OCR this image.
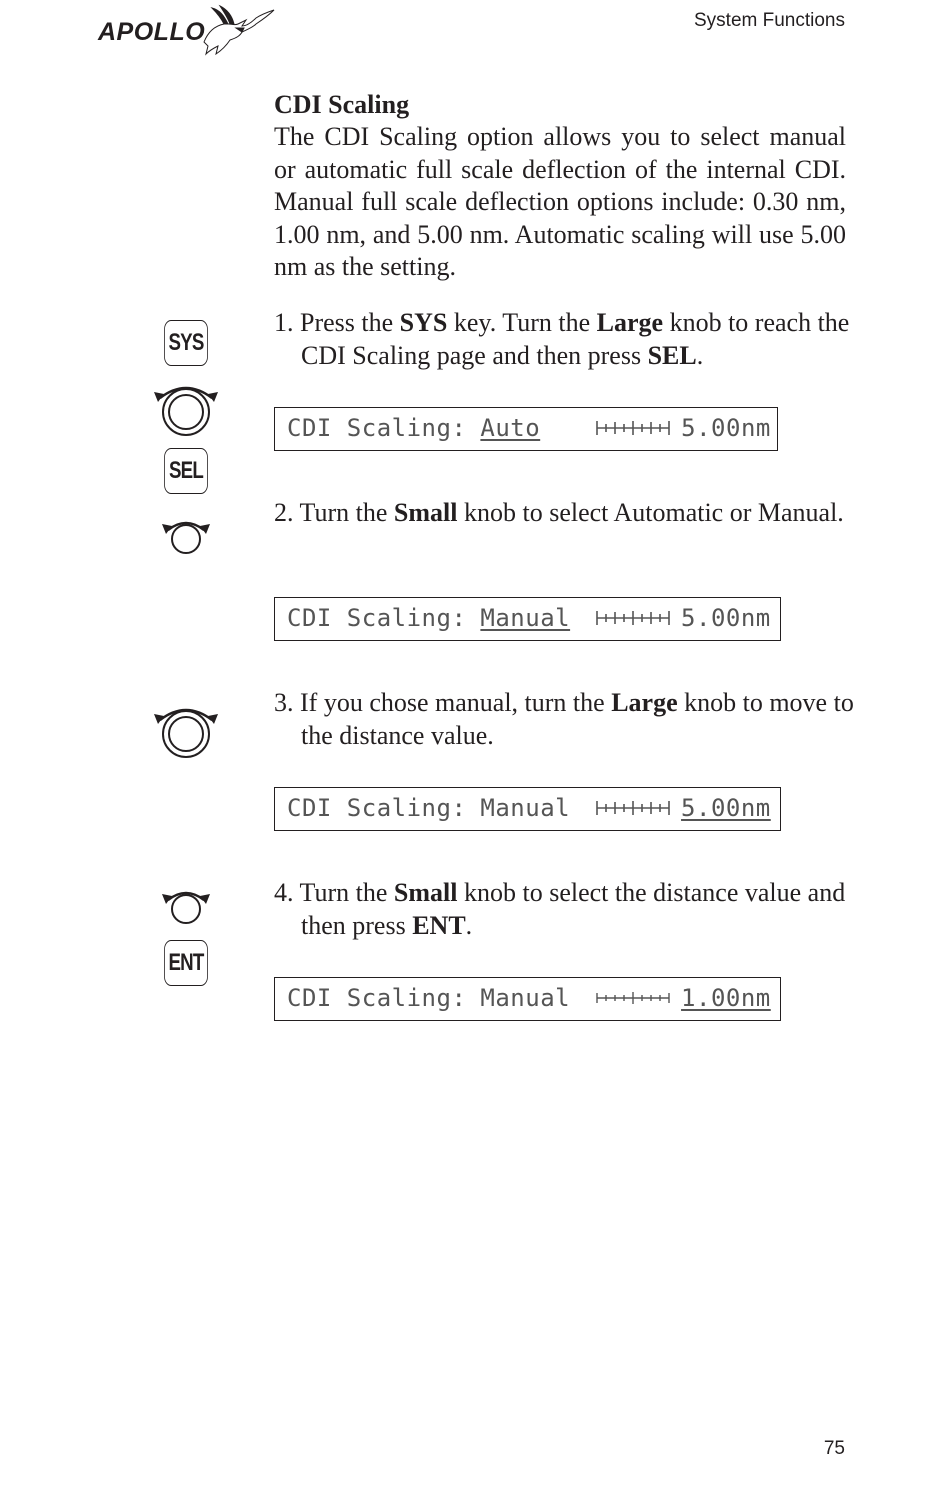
APOLLO	System Functions
CDI Scaling

The CDI Scaling option allows you to select manual or automatic full scale deflection of the internal CDI. Manual full scale deflection options include: 0.30 nm, 1.00 nm, and 5.00 nm. Automatic scaling will use 5.00 nm as the setting.

1. Press the SYS key. Turn the Large knob to reach the CDI Scaling page and then press SEL.

2. Turn the Small knob to select Automatic or Manual.

3. If you chose manual, turn the Large knob to move to the distance value.

4. Turn the Small knob to select the distance value and then press ENT.

CDI Scaling: Auto	5.00nm
CDI Scaling: Manual	5.00nm
CDI Scaling: Manual	5.00nm
CDI Scaling: Manual	1.00nm
SYS
SEL
ENT
75
